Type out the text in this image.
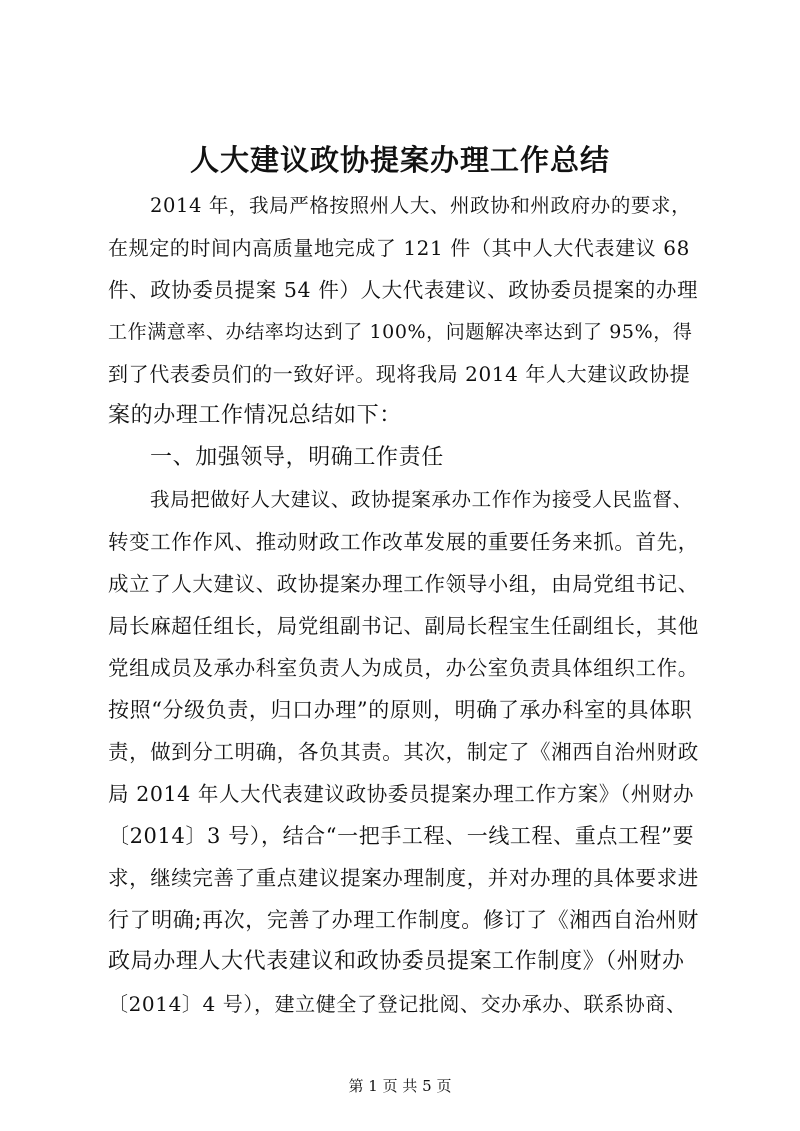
人大建议政协提案办理工作总结
2014 年，我局严格按照州人大、州政协和州政府办的要求，
在规定的时间内高质量地完成了 121 件（其中人大代表建议 68
件、政协委员提案 54 件）人大代表建议、政协委员提案的办理
工作满意率、办结率均达到了 100%，问题解决率达到了 95%，得
到了代表委员们的一致好评。现将我局 2014 年人大建议政协提
案的办理工作情况总结如下：
一、加强领导，明确工作责任
我局把做好人大建议、政协提案承办工作作为接受人民监督、
转变工作作风、推动财政工作改革发展的重要任务来抓。首先，
成立了人大建议、政协提案办理工作领导小组，由局党组书记、
局长麻超任组长，局党组副书记、副局长程宝生任副组长，其他
党组成员及承办科室负责人为成员，办公室负责具体组织工作。
按照“分级负责，归口办理”的原则，明确了承办科室的具体职
责，做到分工明确，各负其责。其次，制定了《湘西自治州财政
局 2014 年人大代表建议政协委员提案办理工作方案》（州财办
〔2014〕3 号），结合“一把手工程、一线工程、重点工程”要
求，继续完善了重点建议提案办理制度，并对办理的具体要求进
行了明确;再次，完善了办理工作制度。修订了《湘西自治州财
政局办理人大代表建议和政协委员提案工作制度》（州财办
〔2014〕4 号），建立健全了登记批阅、交办承办、联系协商、
第 1 页 共 5 页
